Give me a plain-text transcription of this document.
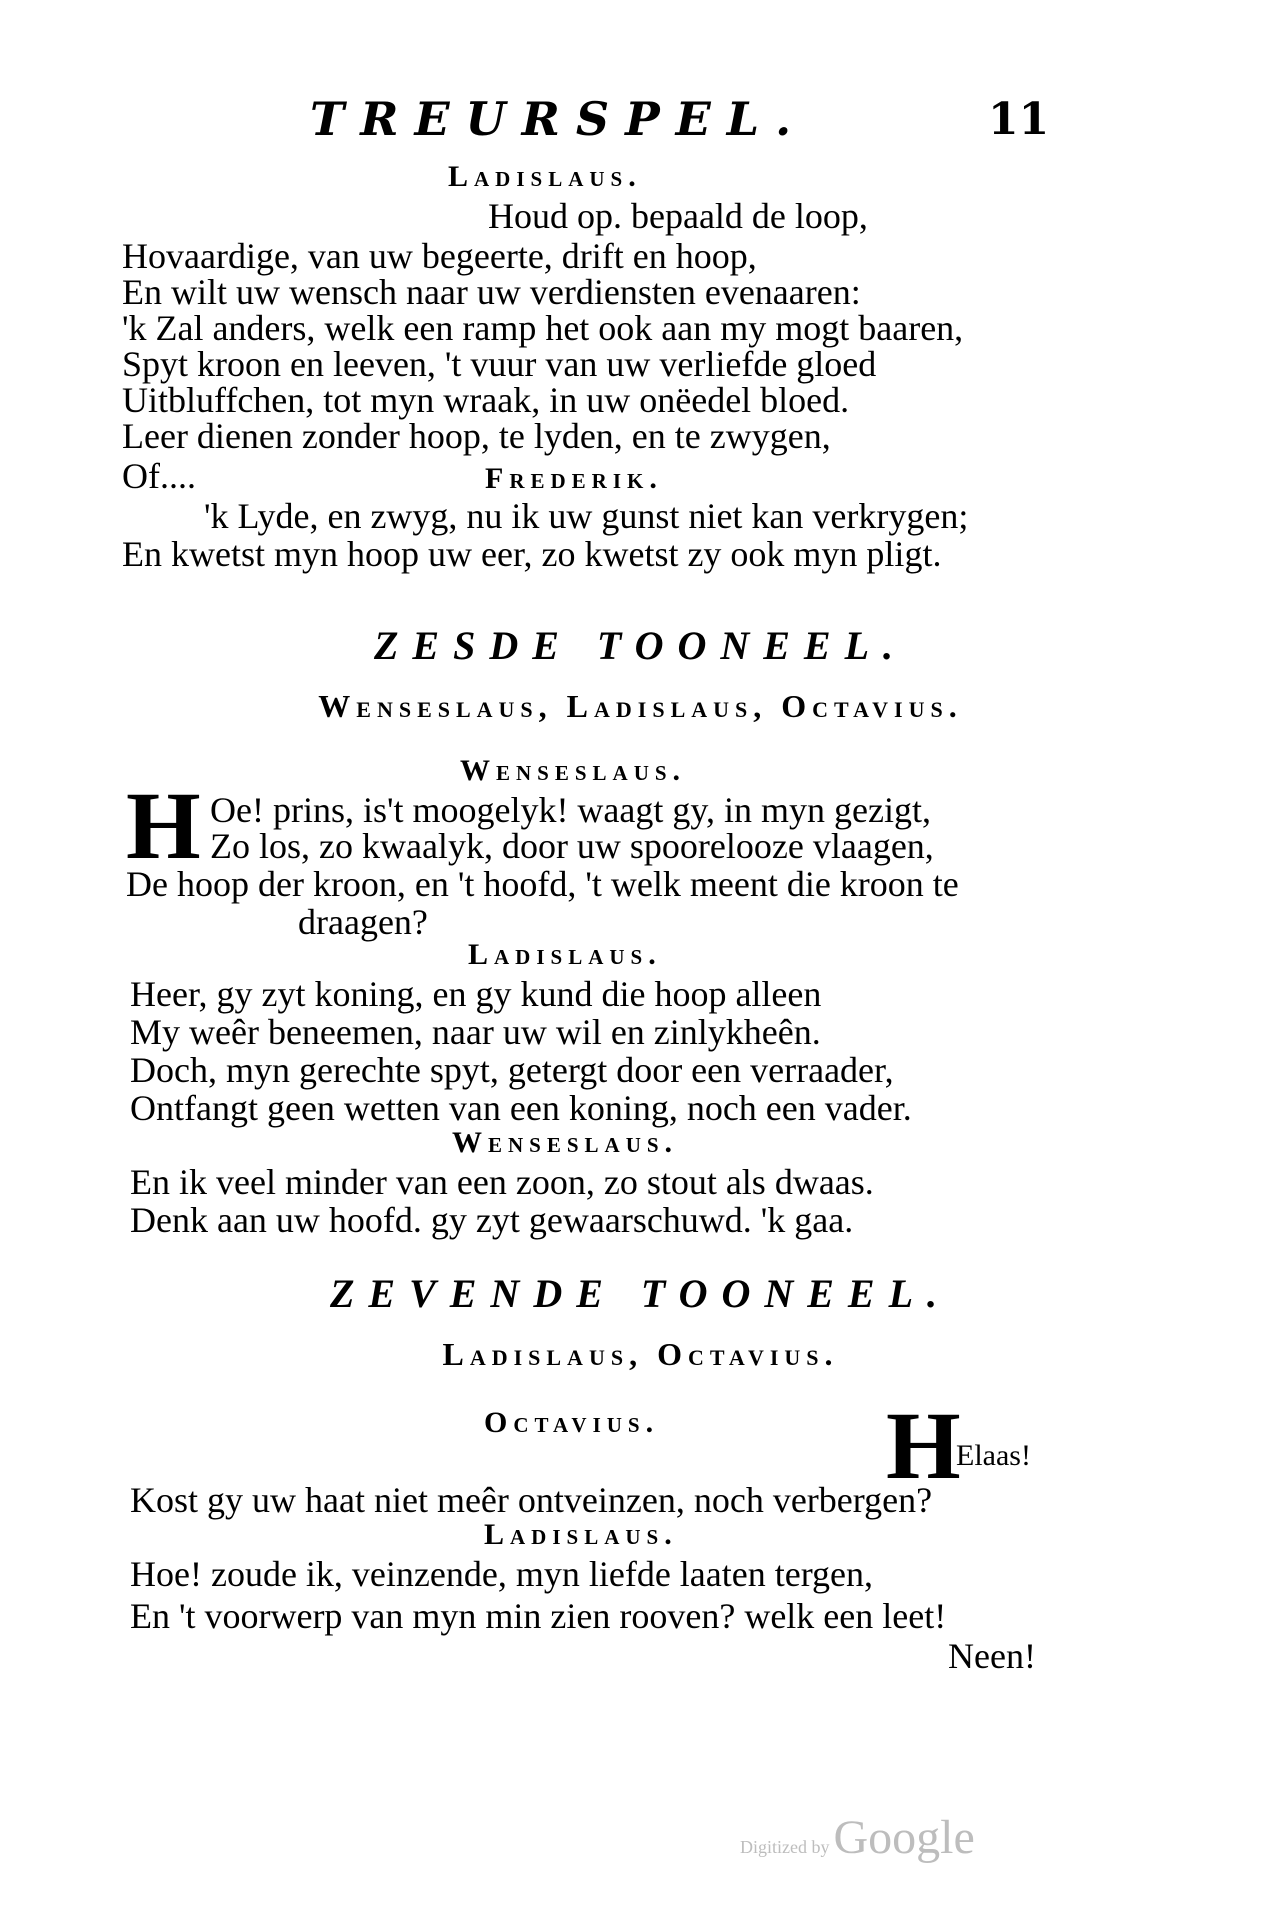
TREURSPEL.	11
Ladislaus.
Houd op. bepaald de loop,
Hovaardige, van uw begeerte, drift en hoop,
En wilt uw wensch naar uw verdiensten evenaaren:
'k Zal anders, welk een ramp het ook aan my mogt baaren,
Spyt kroon en leeven, 't vuur van uw verliefde gloed
Uitbluffchen, tot myn wraak, in uw onëedel bloed.
Leer dienen zonder hoop, te lyden, en te zwygen,
Of....	Frederik.
'k Lyde, en zwyg, nu ik uw gunst niet kan verkrygen;
En kwetst myn hoop uw eer, zo kwetst zy ook myn pligt.
ZESDE TOONEEL.
Wenseslaus, Ladislaus, Octavius.
Wenseslaus.
H Oe! prins, is't moogelyk! waagt gy, in myn gezigt,
Zo los, zo kwaalyk, door uw spoorelooze vlaagen,
De hoop der kroon, en 't hoofd, 't welk meent die kroon te
draagen?
Ladislaus.
Heer, gy zyt koning, en gy kund die hoop alleen
My weêr beneemen, naar uw wil en zinlykheên.
Doch, myn gerechte spyt, getergt door een verraader,
Ontfangt geen wetten van een koning, noch een vader.
Wenseslaus.
En ik veel minder van een zoon, zo stout als dwaas.
Denk aan uw hoofd. gy zyt gewaarschuwd. 'k gaa.
ZEVENDE TOONEEL.
Ladislaus, Octavius.
Octavius. H
Elaas!
Kost gy uw haat niet meêr ontveinzen, noch verbergen?
Ladislaus.
Hoe! zoude ik, veinzende, myn liefde laaten tergen,
En 't voorwerp van myn min zien rooven? welk een leet!
Neen!
Digitized by Google
